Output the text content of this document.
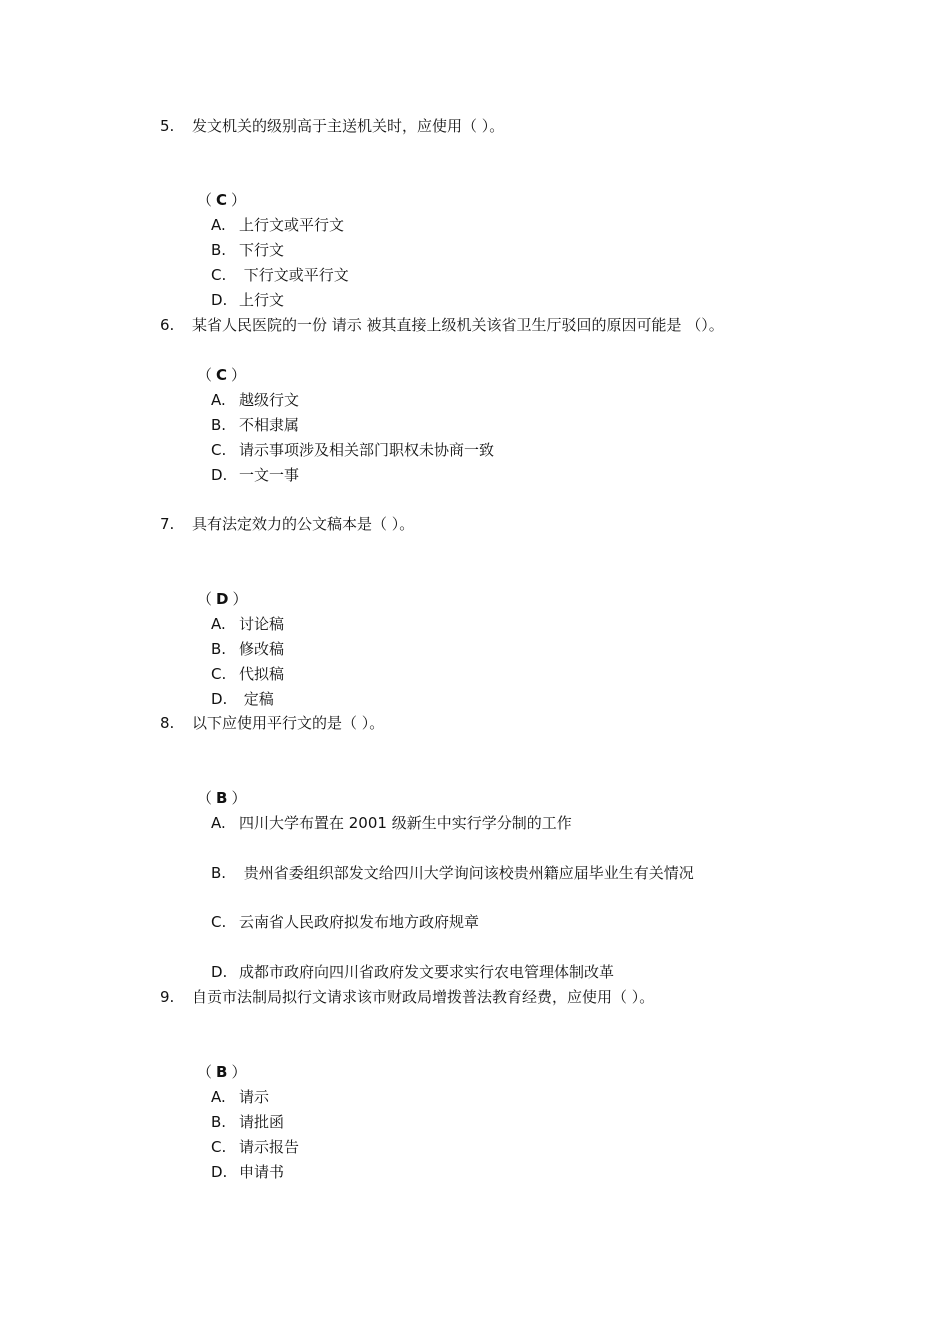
5. 发文机关的级别高于主送机关时，应使用（ ）。
（ C ）
A. 上行文或平行文
B. 下行文
C. 下行文或平行文
D. 上行文
6. 某省人民医院的一份 请示 被其直接上级机关该省卫生厅驳回的原因可能是 （）。
（ C ）
A. 越级行文
B. 不相隶属
C. 请示事项涉及相关部门职权未协商一致
D. 一文一事
7. 具有法定效力的公文稿本是（ ）。
（ D ）
A. 讨论稿
B. 修改稿
C. 代拟稿
D. 定稿
8. 以下应使用平行文的是（ ）。
（ B ）
A. 四川大学布置在 2001 级新生中实行学分制的工作
B. 贵州省委组织部发文给四川大学询问该校贵州籍应届毕业生有关情况
C. 云南省人民政府拟发布地方政府规章
D. 成都市政府向四川省政府发文要求实行农电管理体制改革
9. 自贡市法制局拟行文请求该市财政局增拨普法教育经费，应使用（ ）。
（ B ）
A. 请示
B. 请批函
C. 请示报告
D. 申请书
